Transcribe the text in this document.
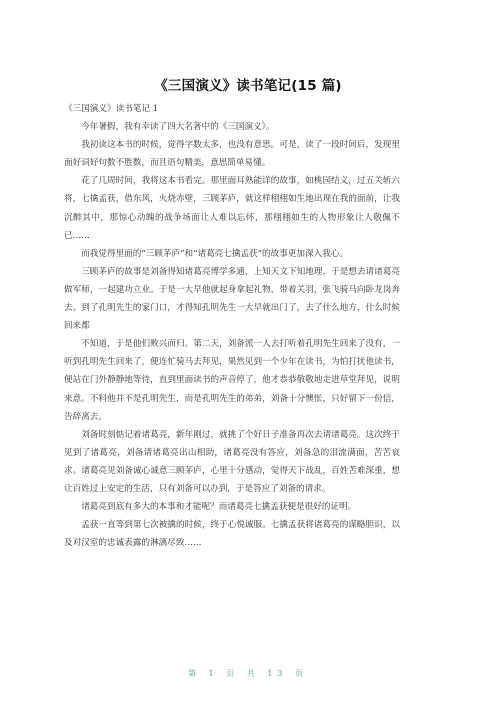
《三国演义》读书笔记(15 篇)

《三国演义》读书笔记 1

今年暑假，我有幸读了四大名著中的《三国演义》。

我初读这本书的时候，觉得字数太多，也没有意思。可是，读了一段时间后，发现里面好词好句数不胜数，而且语句精美，意思简单易懂。

花了几周时间，我将这本书看完。那里面耳熟能详的故事，如桃园结义，过五关斩六将，七擒孟获，借东风，火烧赤壁，三顾茅庐，就这样栩栩如生地出现在我的面前，让我沉醉其中，那惊心动魄的战争场面让人难以忘怀，那栩栩如生的人物形象让人敬佩不已……

而我觉得里面的“三顾茅庐”和“诸葛亮七擒孟获”的故事更加深入我心。

三顾茅庐的故事是刘备得知诸葛亮博学多通，上知天文下知地理，于是想去请诸葛亮做军师，一起建功立业。于是一大早他就起身拿起礼物，带着关羽，张飞骑马向卧龙岗奔去。到了孔明先生的家门口，才得知孔明先生一大早就出门了，去了什么地方，什么时候回来都

不知道，于是他们败兴而归。第二天，刘备派一人去打听着孔明先生回来了没有，一听到孔明先生回来了，便连忙骑马去拜见，果然见到一个少年在读书，为怕打扰他读书，便站在门外静静地等待，直到里面读书的声音停了，他才恭恭敬敬地走进草堂拜见，说明来意。不料他并不是孔明先生，而是孔明先生的弟弟，刘备十分懊怅，只好留下一份信，告辞离去。

刘备时刻惦记着诸葛亮，新年刚过，就挑了个好日子准备再次去请诸葛亮。这次终于见到了诸葛亮，刘备请诸葛亮出山相助，诸葛亮没有答应，刘备急的泪流满面，苦苦哀求。诸葛亮见刘备诚心诚意三顾茅庐，心里十分感动，觉得天下战乱，百姓苦难深重，想让百姓过上安定的生活，只有刘备可以办到，于是答应了刘备的请求。

诸葛亮到底有多大的本事和才能呢？而诸葛亮七擒孟获便是很好的证明。

孟获一直等到第七次被擒的时候，终于心悦诚服。七擒孟获将诸葛亮的谋略胆识，以及对汉室的忠诚表露的淋漓尽致……

第 1 页 共 13 页
